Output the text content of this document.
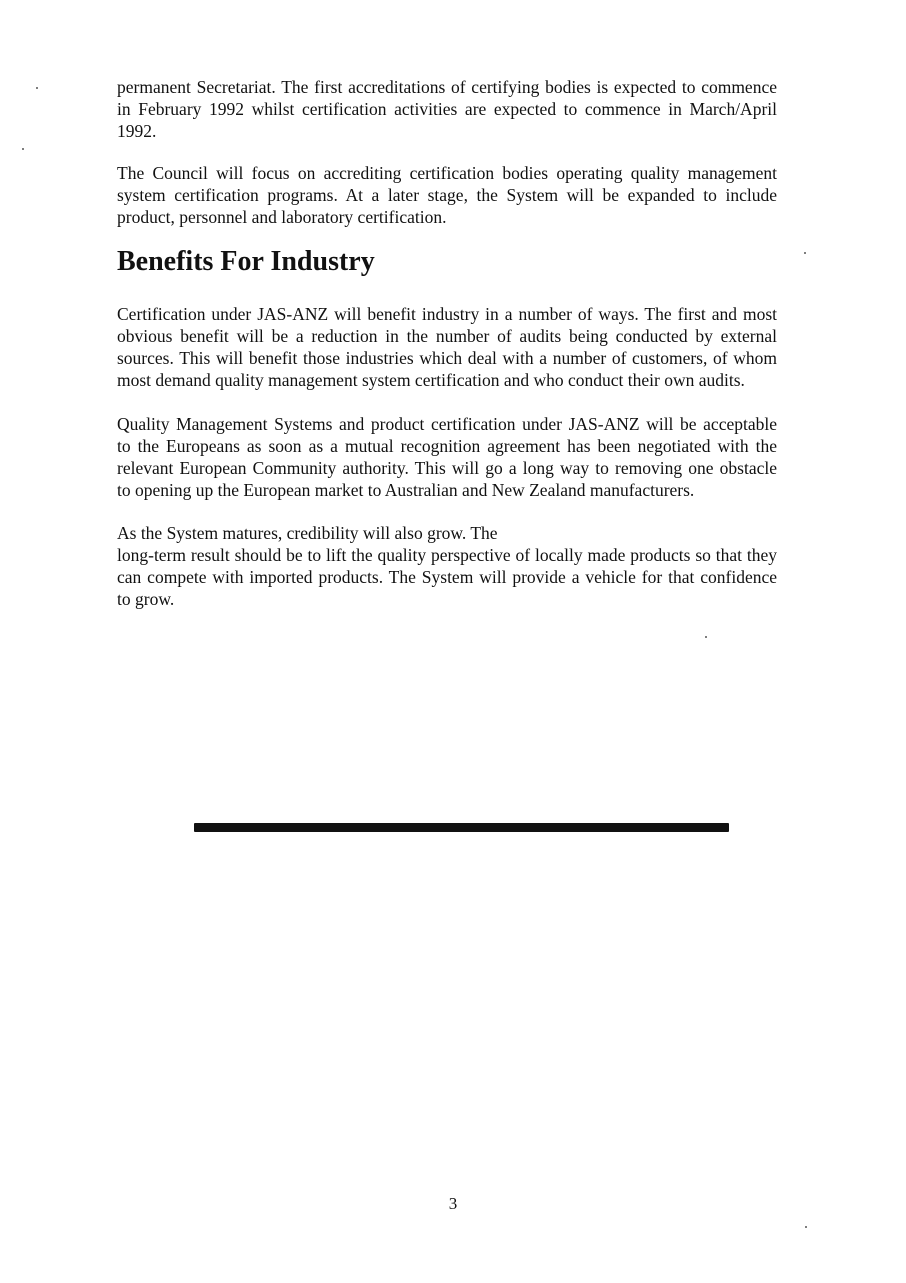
permanent Secretariat. The first accreditations of certifying bodies is expected to commence
in February 1992 whilst certification activities are expected to commence in March/April
1992.

The Council will focus on accrediting certification bodies operating quality management
system certification programs. At a later stage, the System will be expanded to include
product, personnel and laboratory certification.

Benefits For Industry

Certification under JAS-ANZ will benefit industry in a number of ways. The first and most
obvious benefit will be a reduction in the number of audits being conducted by external
sources. This will benefit those industries which deal with a number of customers, of whom
most demand quality management system certification and who conduct their own audits.

Quality Management Systems and product certification under JAS-ANZ will be acceptable
to the Europeans as soon as a mutual recognition agreement has been negotiated with the
relevant European Community authority. This will go a long way to removing one obstacle
to opening up the European market to Australian and New Zealand manufacturers.

As the System matures, credibility will also grow. The
long-term result should be to lift the quality perspective of locally made products so that they
can compete with imported products. The System will provide a vehicle for that confidence
to grow.

3
